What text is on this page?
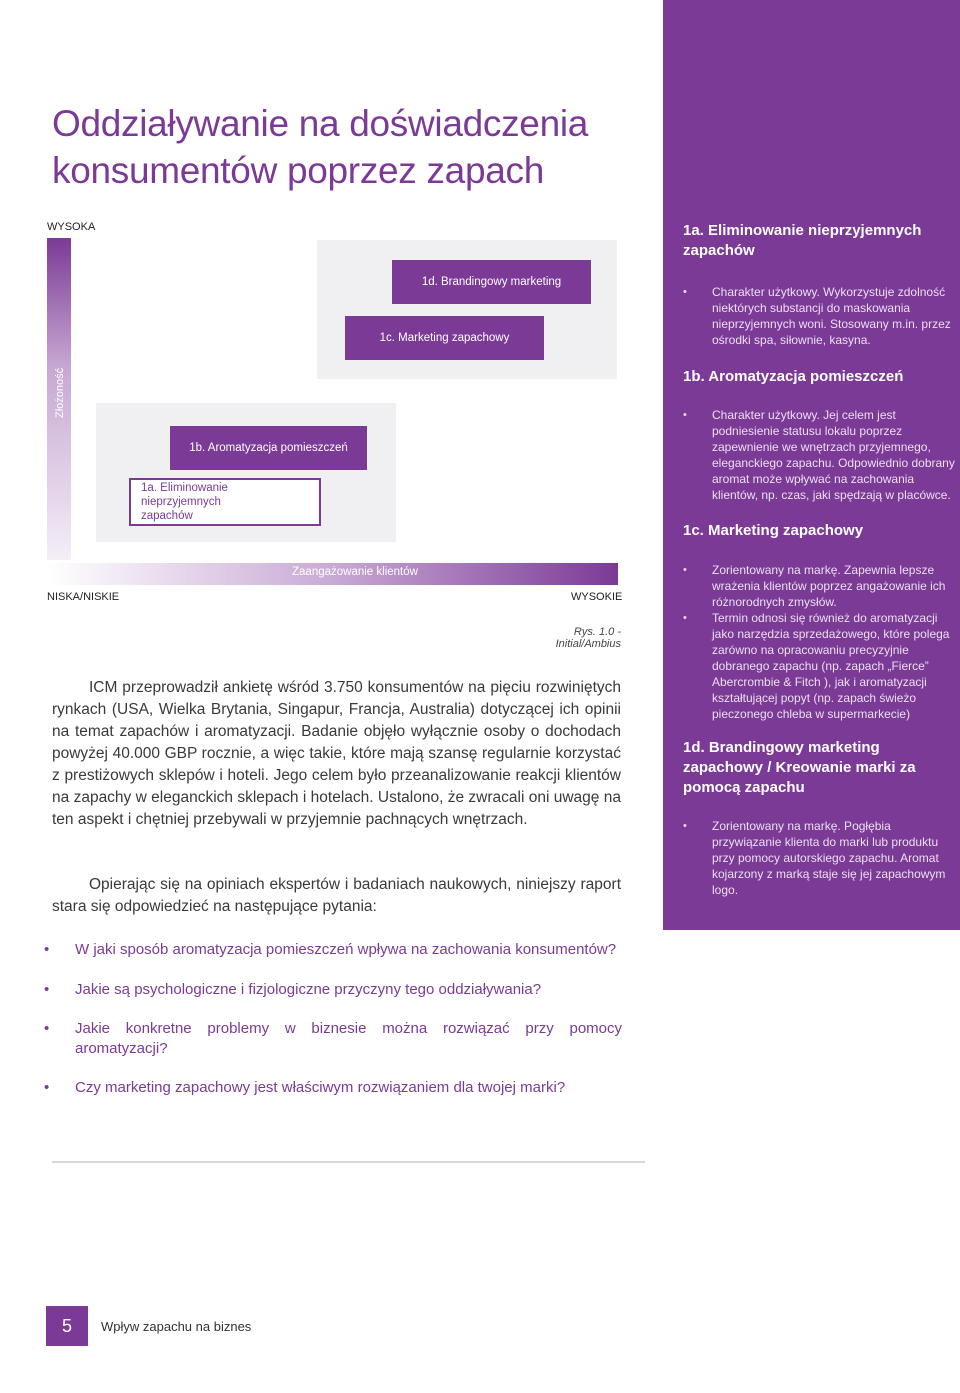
Oddziaływanie na doświadczenia
konsumentów poprzez zapach
WYSOKA
Złożoność
1a. Eliminowanie nieprzyjemnych
zapachów
1b. Aromatyzacja pomieszczeń
1c. Marketing zapachowy
1d. Brandingowy marketing
Zaangażowanie klientów
NISKA/NISKIE	WYSOKIE
Rys. 1.0 - Initial/Ambius

ICM przeprowadził ankietę wśród 3.750 konsumentów na pięciu rozwiniętych rynkach (USA, Wielka Brytania, Singapur, Francja, Australia) dotyczącej ich opinii na temat zapachów i aromatyzacji. Badanie objęło wyłącznie osoby o dochodach powyżej 40.000 GBP rocznie, a więc takie, które mają szansę regularnie korzystać z prestiżowych sklepów i hoteli. Jego celem było przeanalizowanie reakcji klientów na zapachy w eleganckich sklepach i hotelach. Ustalono, że zwracali oni uwagę na ten aspekt i chętniej przebywali w przyjemnie pachnących wnętrzach.

Opierając się na opiniach ekspertów i badaniach naukowych, niniejszy raport stara się odpowiedzieć na następujące pytania:

• W jaki sposób aromatyzacja pomieszczeń wpływa na zachowania konsumentów?
• Jakie są psychologiczne i fizjologiczne przyczyny tego oddziaływania?
• Jakie konkretne problemy w biznesie można rozwiązać przy pomocy aromatyzacji?
• Czy marketing zapachowy jest właściwym rozwiązaniem dla twojej marki?
5	Wpływ zapachu na biznes
1a. Eliminowanie nieprzyjemnych zapachów
• Charakter użytkowy. Wykorzystuje zdolność niektórych substancji do maskowania nieprzyjemnych woni. Stosowany m.in. przez ośrodki spa, siłownie, kasyna.
1b. Aromatyzacja pomieszczeń
• Charakter użytkowy. Jej celem jest podniesienie statusu lokalu poprzez zapewnienie we wnętrzach przyjemnego, eleganckiego zapachu. Odpowiednio dobrany aromat może wpływać na zachowania klientów, np. czas, jaki spędzają w placówce.
1c. Marketing zapachowy
• Zorientowany na markę. Zapewnia lepsze wrażenia klientów poprzez angażowanie ich różnorodnych zmysłów.
• Termin odnosi się również do aromatyzacji jako narzędzia sprzedażowego, które polega zarówno na opracowaniu precyzyjnie dobranego zapachu (np. zapach „Fierce” Abercrombie & Fitch ), jak i aromatyzacji kształtującej popyt (np. zapach świeżo pieczonego chleba w supermarkecie)
1d. Brandingowy marketing zapachowy / Kreowanie marki za pomocą zapachu
• Zorientowany na markę. Pogłębia przywiązanie klienta do marki lub produktu przy pomocy autorskiego zapachu. Aromat kojarzony z marką staje się jej zapachowym logo.
